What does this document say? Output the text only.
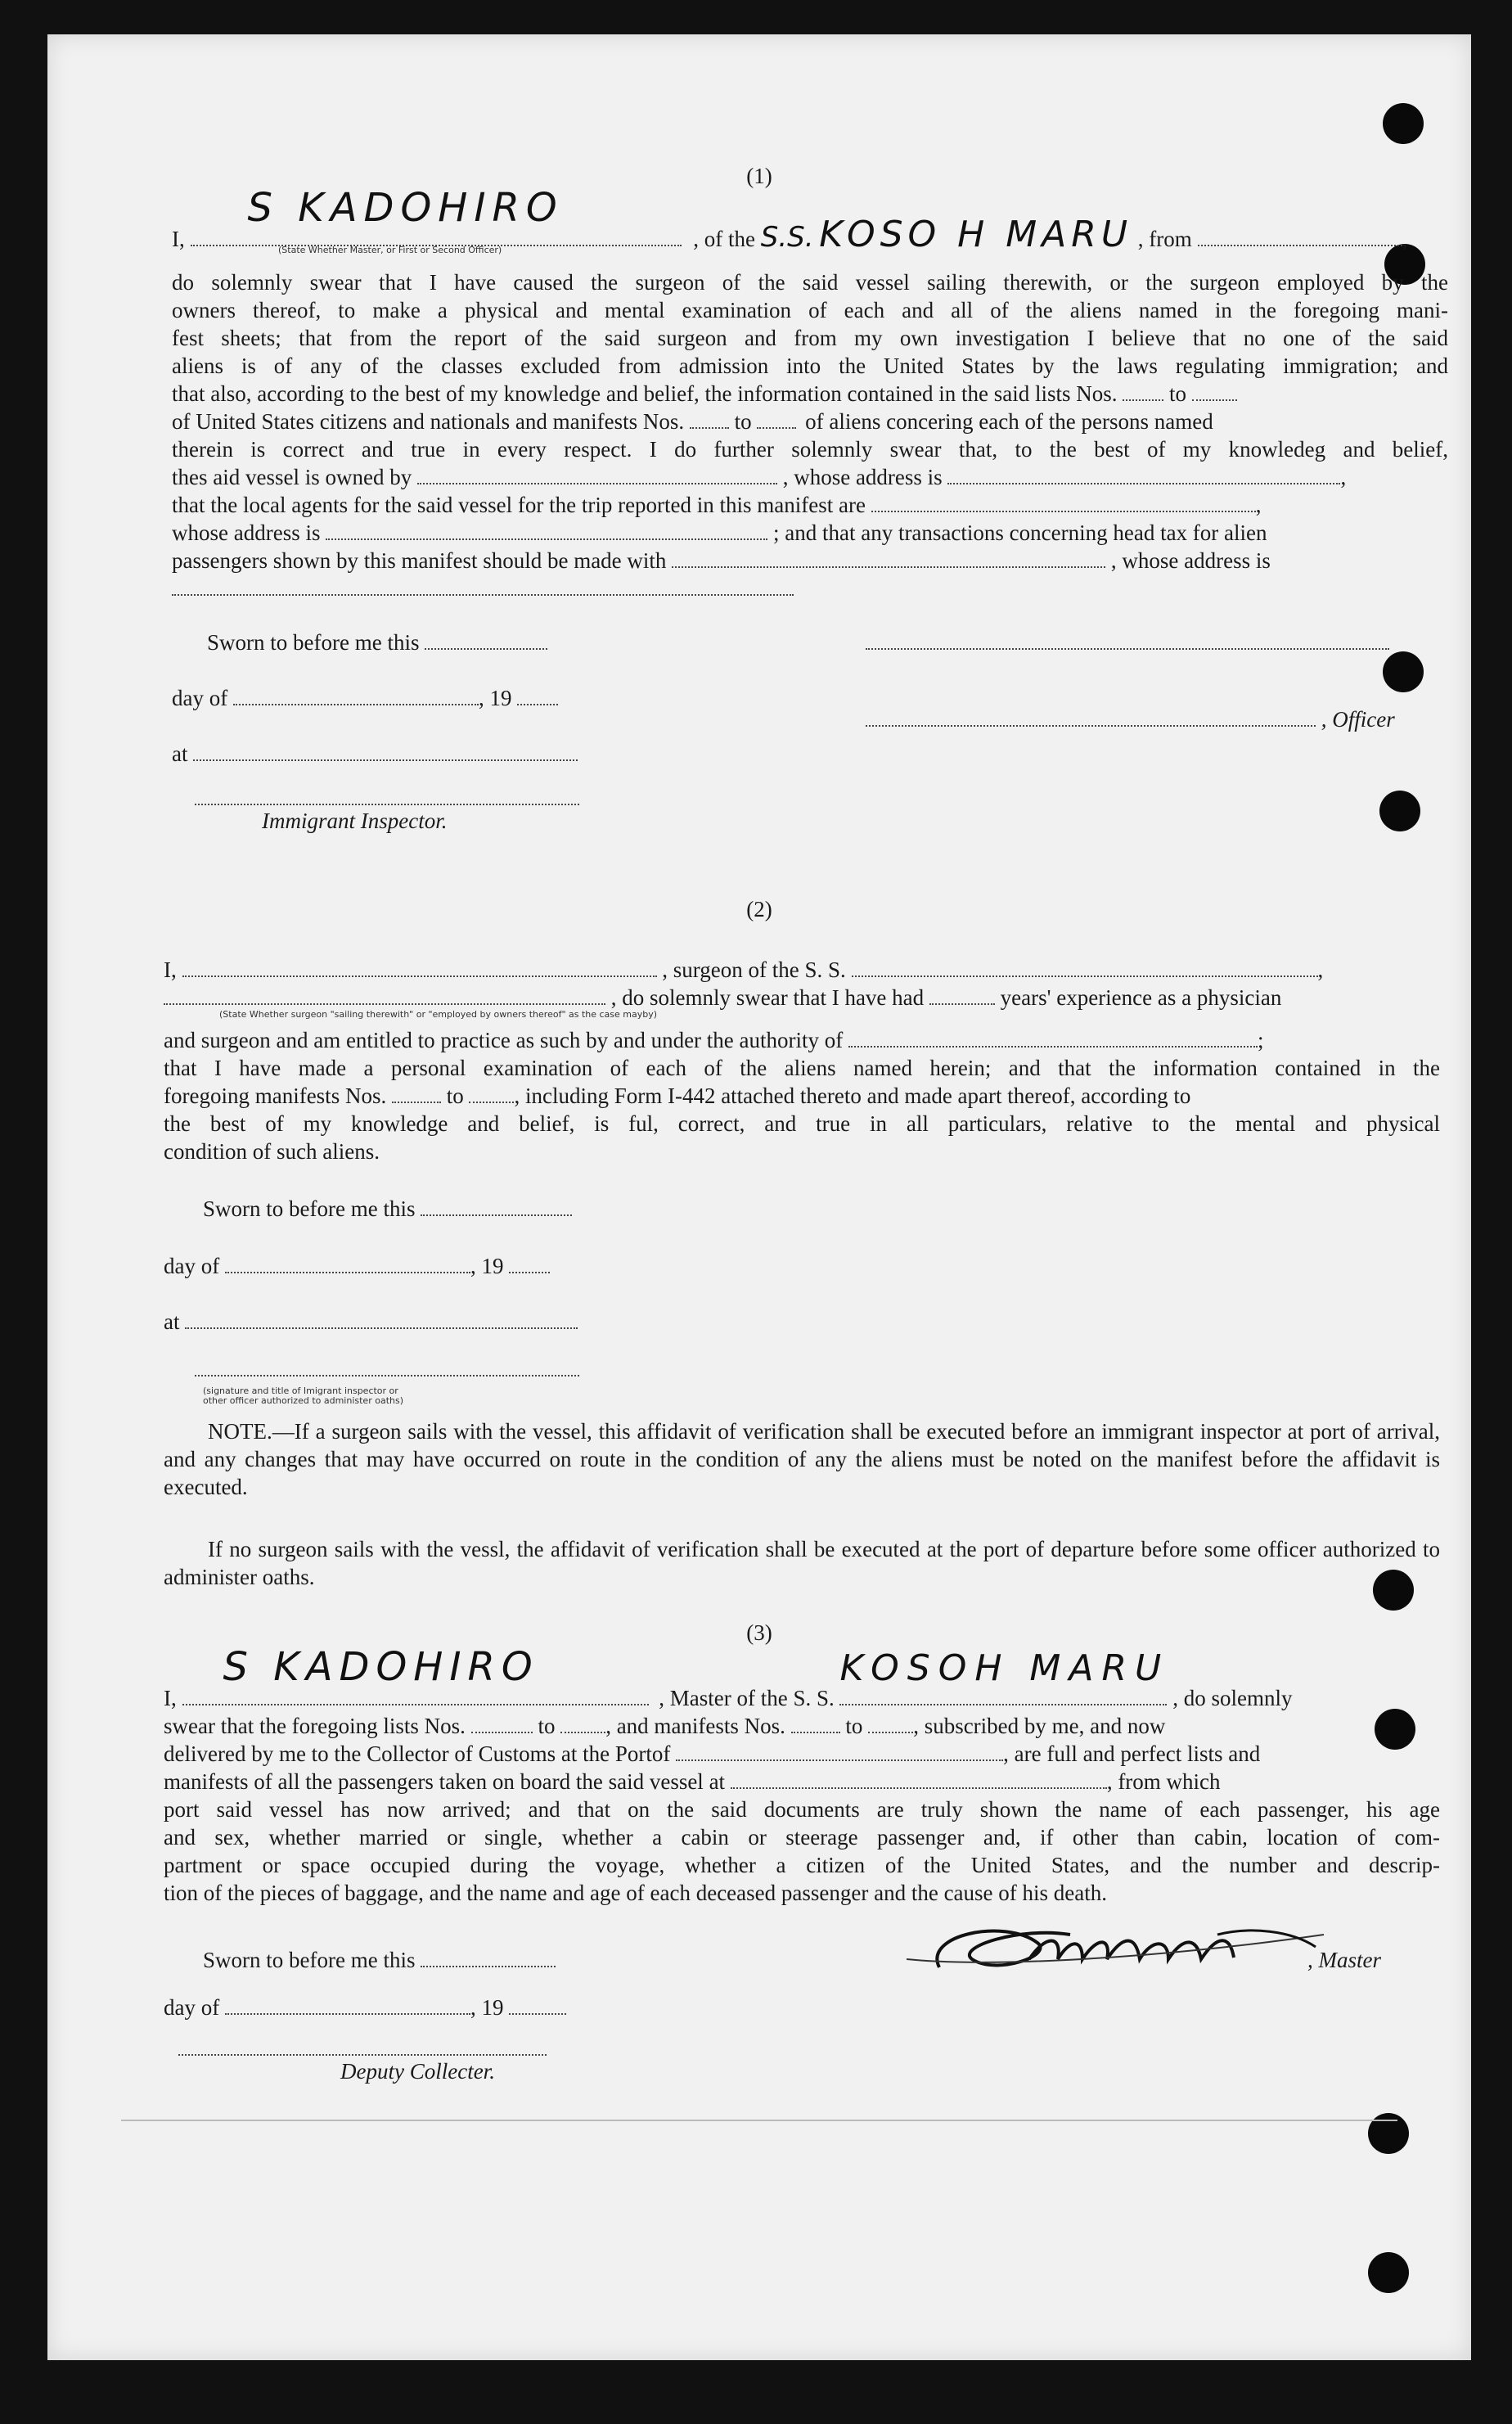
(1)
I,
S KADOHIRO
, of the S.S. KOSO H MARU , from	,
(State Whether Master, or First or Second Officer)
do solemnly swear that I have caused the surgeon of the said vessel sailing therewith, or the surgeon employed by the
owners thereof, to make a physical and mental examination of each and all of the aliens named in the foregoing mani-
fest sheets; that from the report of the said surgeon and from my own investigation I believe that no one of the said
aliens is of any of the classes excluded from admission into the United States by the laws regulating immigration; and
that also, according to the best of my knowledge and belief, the information contained in the said lists Nos. to
of United States citizens and nationals and manifests Nos. to of aliens concering each of the persons named
therein is correct and true in every respect. I do further solemnly swear that, to the best of my knowledeg and belief,
thes aid vessel is owned by	, whose address is	,
that the local agents for the said vessel for the trip reported in this manifest are	,
whose address is	; and that any transactions concerning head tax for alien
passengers shown by this manifest should be made with	, whose address is
Sworn to before me this
day of	, 19
, Officer
at
Immigrant Inspector.
(2)
I,	, surgeon of the S. S.	,
, do solemnly swear that I have had	years' experience as a physician
(State Whether surgeon "sailing therewith" or "employed by owners thereof" as the case mayby)
and surgeon and am entitled to practice as such by and under the authority of	;
that I have made a personal examination of each of the aliens named herein; and that the information contained in the
foregoing manifests Nos.	to , including Form I-442 attached thereto and made apart thereof, according to
the best of my knowledge and belief, is ful, correct, and true in all particulars, relative to the mental and physical
condition of such aliens.
Sworn to before me this
day of	, 19
at
(signature and title of Imigrant inspector or other officer authorized to administer oaths)
NOTE.—If a surgeon sails with the vessel, this affidavit of verification shall be executed before an immigrant inspector at port of arrival, and any changes that may have occurred on route in the condition of any the aliens must be noted on the manifest before the affidavit is executed.
If no surgeon sails with the vessl, the affidavit of verification shall be executed at the port of departure before some officer authorized to administer oaths.
(3)
I,
S KADOHIRO
, Master of the S. S.
KOSOH MARU
, do solemnly
swear that the foregoing lists Nos.	to , and manifests Nos.	to , subscribed by me, and now
delivered by me to the Collector of Customs at the Portof	, are full and perfect lists and
manifests of all the passengers taken on board the said vessel at	, from which
port said vessel has now arrived; and that on the said documents are truly shown the name of each passenger, his age
and sex, whether married or single, whether a cabin or steerage passenger and, if other than cabin, location of com-
partment or space occupied during the voyage, whether a citizen of the United States, and the number and descrip-
tion of the pieces of baggage, and the name and age of each deceased passenger and the cause of his death.
Sworn to before me this	, Master
day of	, 19
Deputy Collecter.
